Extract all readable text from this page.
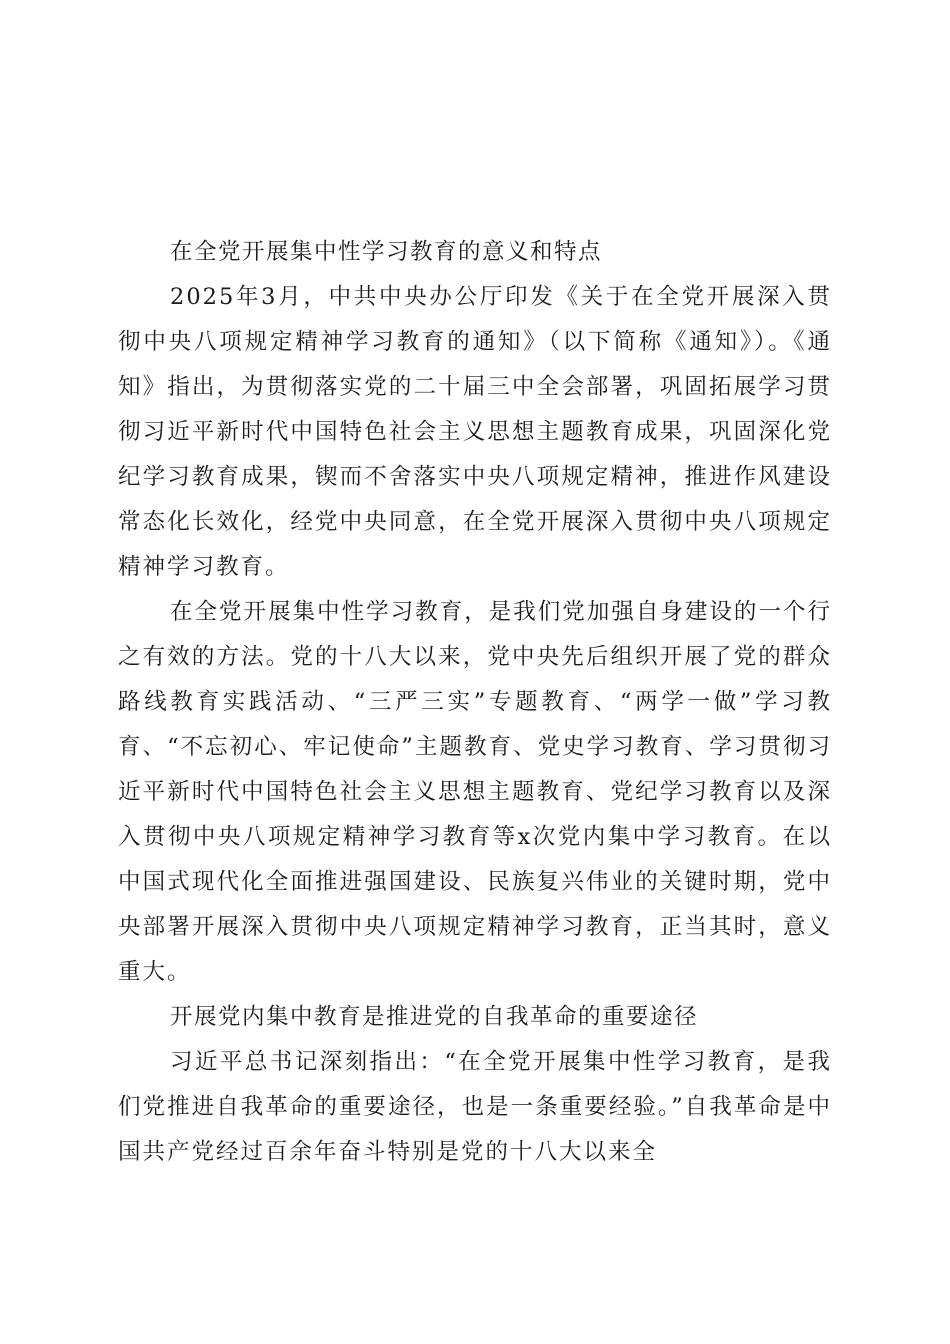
在全党开展集中性学习教育的意义和特点

2025年3月，中共中央办公厅印发《关于在全党开展深入贯彻中央八项规定精神学习教育的通知》（以下简称《通知》）。《通知》指出，为贯彻落实党的二十届三中全会部署，巩固拓展学习贯彻习近平新时代中国特色社会主义思想主题教育成果，巩固深化党纪学习教育成果，锲而不舍落实中央八项规定精神，推进作风建设常态化长效化，经党中央同意，在全党开展深入贯彻中央八项规定精神学习教育。

在全党开展集中性学习教育，是我们党加强自身建设的一个行之有效的方法。党的十八大以来，党中央先后组织开展了党的群众路线教育实践活动、“三严三实”专题教育、“两学一做”学习教育、“不忘初心、牢记使命”主题教育、党史学习教育、学习贯彻习近平新时代中国特色社会主义思想主题教育、党纪学习教育以及深入贯彻中央八项规定精神学习教育等x次党内集中学习教育。在以中国式现代化全面推进强国建设、民族复兴伟业的关键时期，党中央部署开展深入贯彻中央八项规定精神学习教育，正当其时，意义重大。

开展党内集中教育是推进党的自我革命的重要途径

习近平总书记深刻指出：“在全党开展集中性学习教育，是我们党推进自我革命的重要途径，也是一条重要经验。”自我革命是中国共产党经过百余年奋斗特别是党的十八大以来全
